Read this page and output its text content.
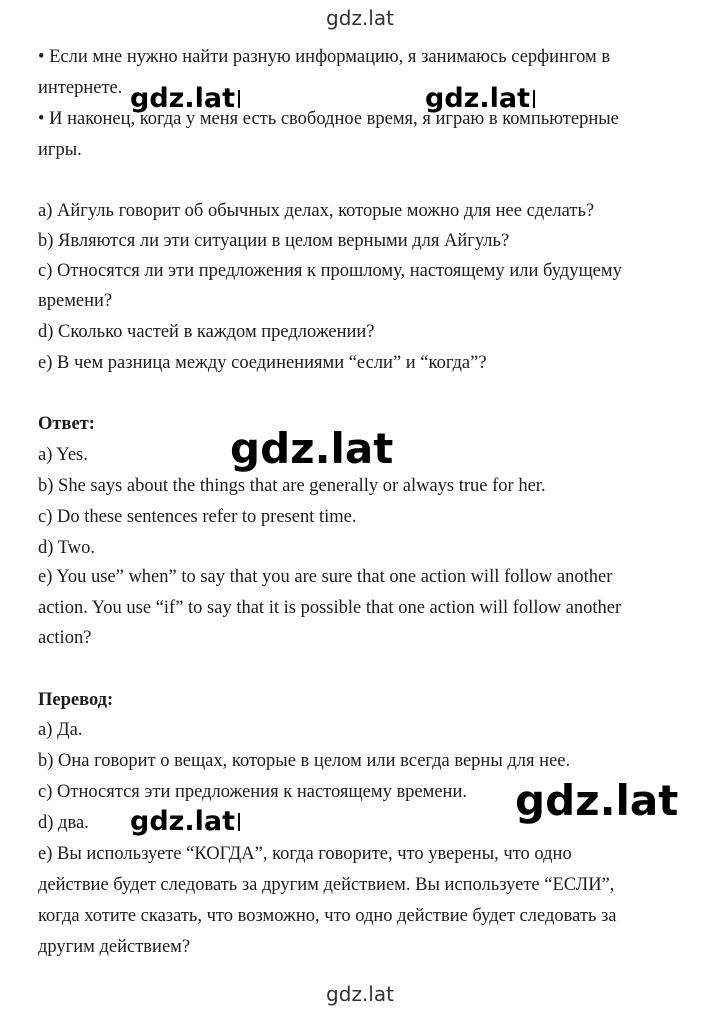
gdz.lat
• Если мне нужно найти разную информацию, я занимаюсь серфингом в
интернете.
• И наконец, когда у меня есть свободное время, я играю в компьютерные
игры.
a) Айгуль говорит об обычных делах, которые можно для нее сделать?
b) Являются ли эти ситуации в целом верными для Айгуль?
c) Относятся ли эти предложения к прошлому, настоящему или будущему
времени?
d) Сколько частей в каждом предложении?
e) В чем разница между соединениями “если” и “когда”?
Ответ:
a) Yes.
b) She says about the things that are generally or always true for her.
c) Do these sentences refer to present time.
d) Two.
e) You use” when” to say that you are sure that one action will follow another
action. You use “if” to say that it is possible that one action will follow another
action?
Перевод:
a) Да.
b) Она говорит о вещах, которые в целом или всегда верны для нее.
c) Относятся эти предложения к настоящему времени.
d) два.
e) Вы используете “КОГДА”, когда говорите, что уверены, что одно
действие будет следовать за другим действием. Вы используете “ЕСЛИ”,
когда хотите сказать, что возможно, что одно действие будет следовать за
другим действием?
gdz.lat	gdz.lat
gdz.lat
gdz.lat
gdz.lat
gdz.lat
